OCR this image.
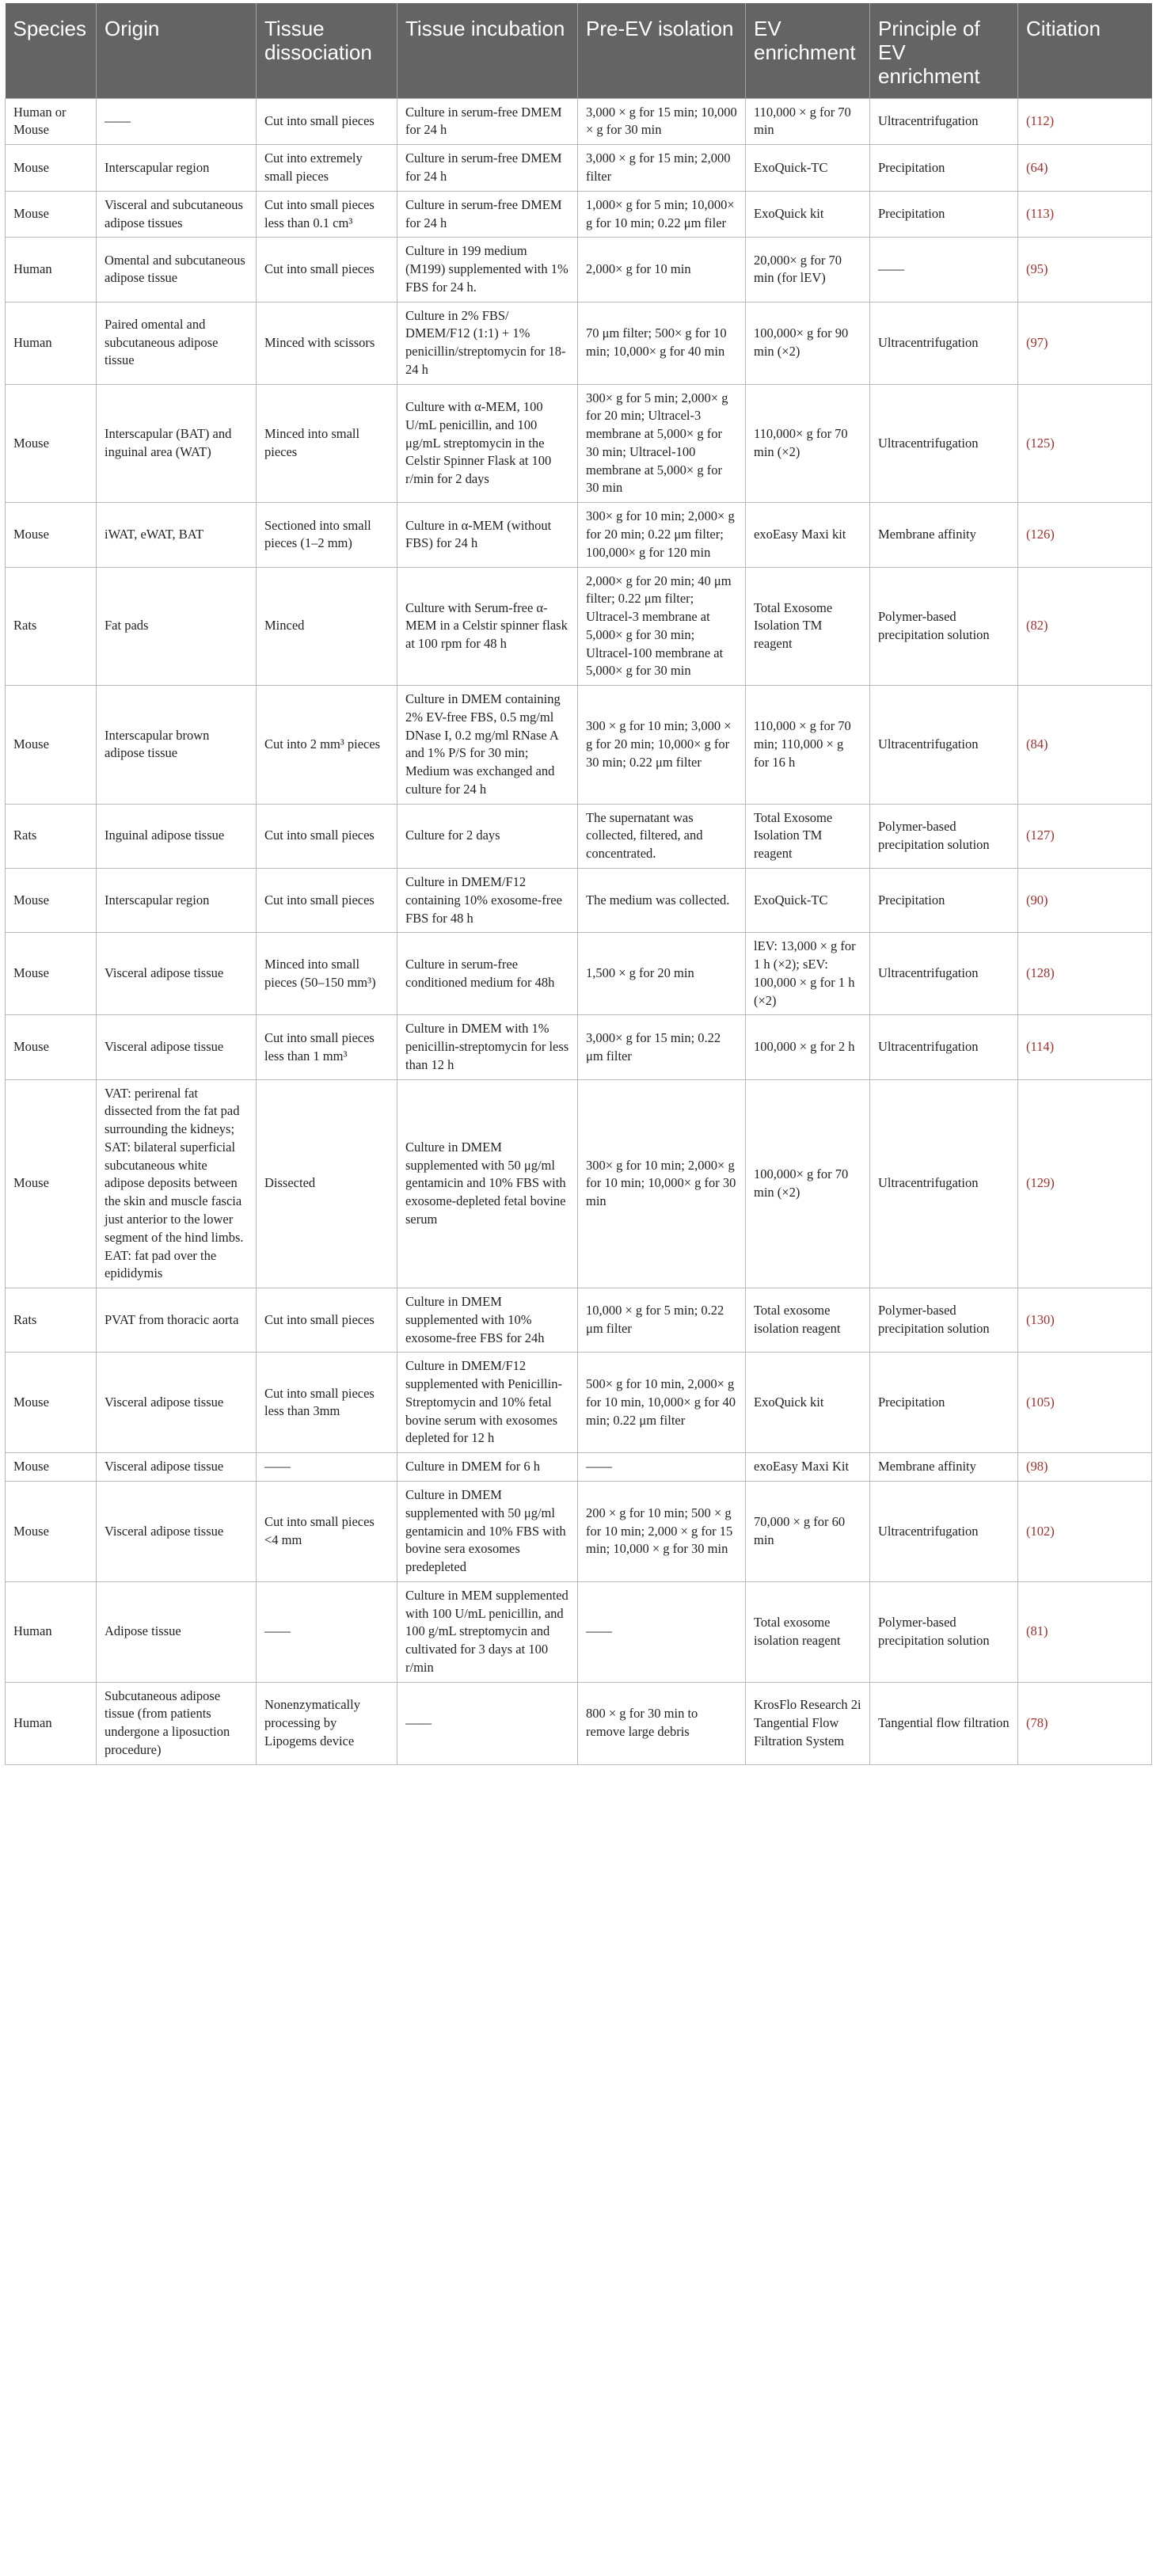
Species	Origin	Tissue dissociation	Tissue incubation	Pre-EV isolation	EV enrichment	Principle of EV enrichment	Citiation
Human or Mouse	——	Cut into small pieces	Culture in serum-free DMEM for 24 h	3,000 × g for 15 min; 10,000 × g for 30 min	110,000 × g for 70 min	Ultracentrifugation	(112)
Mouse	Interscapular region	Cut into extremely small pieces	Culture in serum-free DMEM for 24 h	3,000 × g for 15 min; 2,000 filter	ExoQuick-TC	Precipitation	(64)
Mouse	Visceral and subcutaneous adipose tissues	Cut into small pieces less than 0.1 cm³	Culture in serum-free DMEM for 24 h	1,000× g for 5 min; 10,000× g for 10 min; 0.22 μm filer	ExoQuick kit	Precipitation	(113)
Human	Omental and subcutaneous adipose tissue	Cut into small pieces	Culture in 199 medium (M199) supplemented with 1% FBS for 24 h.	2,000× g for 10 min	20,000× g for 70 min (for lEV)	——	(95)
Human	Paired omental and subcutaneous adipose tissue	Minced with scissors	Culture in 2% FBS/ DMEM/F12 (1:1) + 1% penicillin/streptomycin for 18-24 h	70 μm filter; 500× g for 10 min; 10,000× g for 40 min	100,000× g for 90 min (×2)	Ultracentrifugation	(97)
Mouse	Interscapular (BAT) and inguinal area (WAT)	Minced into small pieces	Culture with α-MEM, 100 U/mL penicillin, and 100 μg/mL streptomycin in the Celstir Spinner Flask at 100 r/min for 2 days	300× g for 5 min; 2,000× g for 20 min; Ultracel-3 membrane at 5,000× g for 30 min; Ultracel-100 membrane at 5,000× g for 30 min	110,000× g for 70 min (×2)	Ultracentrifugation	(125)
Mouse	iWAT, eWAT, BAT	Sectioned into small pieces (1–2 mm)	Culture in α-MEM (without FBS) for 24 h	300× g for 10 min; 2,000× g for 20 min; 0.22 μm filter; 100,000× g for 120 min	exoEasy Maxi kit	Membrane affinity	(126)
Rats	Fat pads	Minced	Culture with Serum-free α-MEM in a Celstir spinner flask at 100 rpm for 48 h	2,000× g for 20 min; 40 μm filter; 0.22 μm filter; Ultracel-3 membrane at 5,000× g for 30 min; Ultracel-100 membrane at 5,000× g for 30 min	Total Exosome Isolation TM reagent	Polymer-based precipitation solution	(82)
Mouse	Interscapular brown adipose tissue	Cut into 2 mm³ pieces	Culture in DMEM containing 2% EV-free FBS, 0.5 mg/ml DNase I, 0.2 mg/ml RNase A and 1% P/S for 30 min; Medium was exchanged and culture for 24 h	300 × g for 10 min; 3,000 × g for 20 min; 10,000× g for 30 min; 0.22 μm filter	110,000 × g for 70 min; 110,000 × g for 16 h	Ultracentrifugation	(84)
Rats	Inguinal adipose tissue	Cut into small pieces	Culture for 2 days	The supernatant was collected, filtered, and concentrated.	Total Exosome Isolation TM reagent	Polymer-based precipitation solution	(127)
Mouse	Interscapular region	Cut into small pieces	Culture in DMEM/F12 containing 10% exosome-free FBS for 48 h	The medium was collected.	ExoQuick-TC	Precipitation	(90)
Mouse	Visceral adipose tissue	Minced into small pieces (50–150 mm³)	Culture in serum-free conditioned medium for 48h	1,500 × g for 20 min	lEV: 13,000 × g for 1 h (×2); sEV: 100,000 × g for 1 h (×2)	Ultracentrifugation	(128)
Mouse	Visceral adipose tissue	Cut into small pieces less than 1 mm³	Culture in DMEM with 1% penicillin-streptomycin for less than 12 h	3,000× g for 15 min; 0.22 μm filter	100,000 × g for 2 h	Ultracentrifugation	(114)
Mouse	VAT: perirenal fat dissected from the fat pad surrounding the kidneys; SAT: bilateral superficial subcutaneous white adipose deposits between the skin and muscle fascia just anterior to the lower segment of the hind limbs. EAT: fat pad over the epididymis	Dissected	Culture in DMEM supplemented with 50 μg/ml gentamicin and 10% FBS with exosome-depleted fetal bovine serum	300× g for 10 min; 2,000× g for 10 min; 10,000× g for 30 min	100,000× g for 70 min (×2)	Ultracentrifugation	(129)
Rats	PVAT from thoracic aorta	Cut into small pieces	Culture in DMEM supplemented with 10% exosome-free FBS for 24h	10,000 × g for 5 min; 0.22 μm filter	Total exosome isolation reagent	Polymer-based precipitation solution	(130)
Mouse	Visceral adipose tissue	Cut into small pieces less than 3mm	Culture in DMEM/F12 supplemented with Penicillin-Streptomycin and 10% fetal bovine serum with exosomes depleted for 12 h	500× g for 10 min, 2,000× g for 10 min, 10,000× g for 40 min; 0.22 μm filter	ExoQuick kit	Precipitation	(105)
Mouse	Visceral adipose tissue	——	Culture in DMEM for 6 h	——	exoEasy Maxi Kit	Membrane affinity	(98)
Mouse	Visceral adipose tissue	Cut into small pieces <4 mm	Culture in DMEM supplemented with 50 μg/ml gentamicin and 10% FBS with bovine sera exosomes predepleted	200 × g for 10 min; 500 × g for 10 min; 2,000 × g for 15 min; 10,000 × g for 30 min	70,000 × g for 60 min	Ultracentrifugation	(102)
Human	Adipose tissue	——	Culture in MEM supplemented with 100 U/mL penicillin, and 100 g/mL streptomycin and cultivated for 3 days at 100 r/min	——	Total exosome isolation reagent	Polymer-based precipitation solution	(81)
Human	Subcutaneous adipose tissue (from patients undergone a liposuction procedure)	Nonenzymatically processing by Lipogems device	——	800 × g for 30 min to remove large debris	KrosFlo Research 2i Tangential Flow Filtration System	Tangential flow filtration	(78)
